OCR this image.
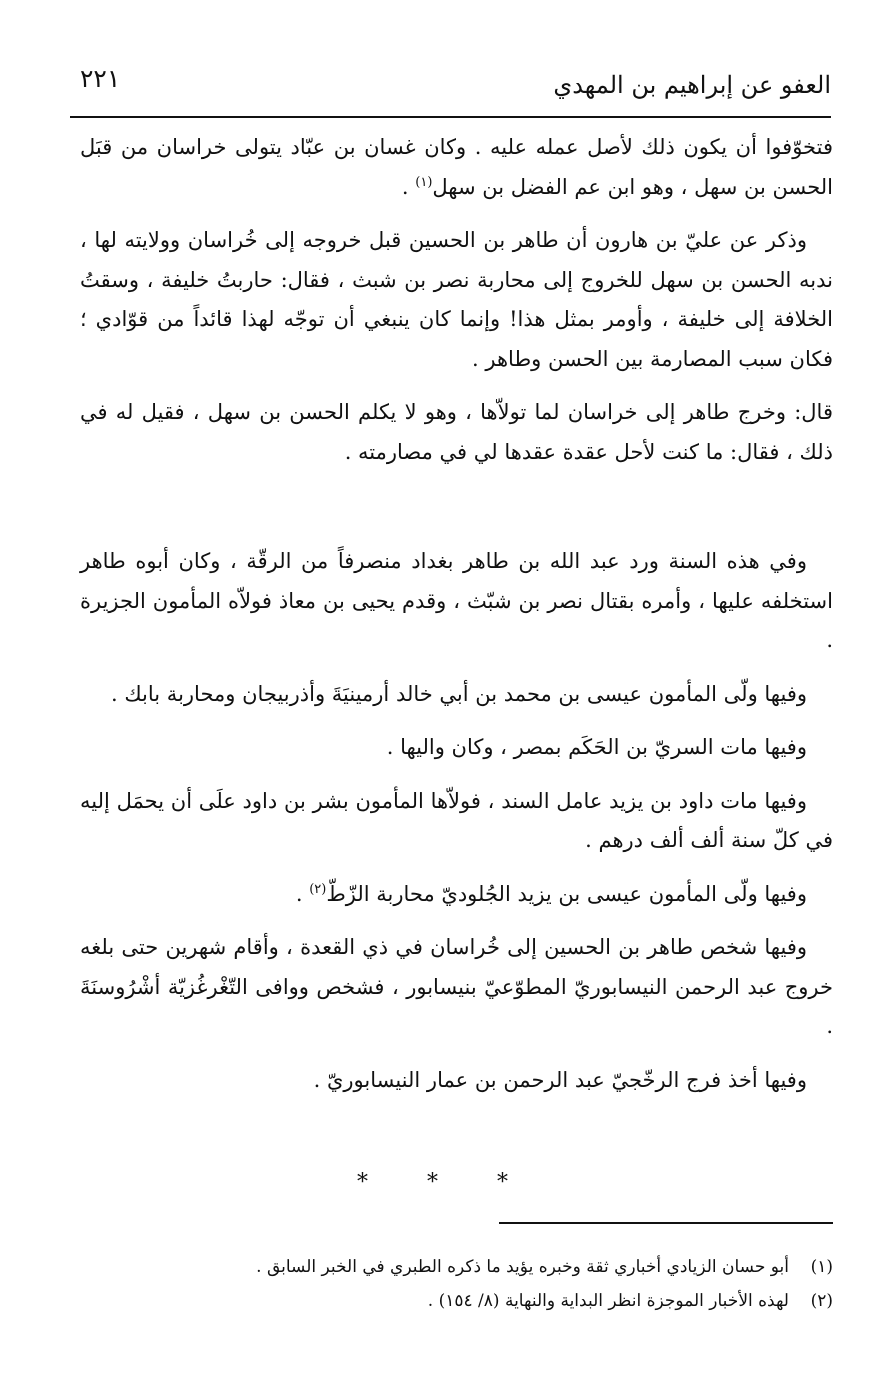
العفو عن إبراهيم بن المهدي
٢٢١

فتخوّفوا أن يكون ذلك لأصل عمله عليه . وكان غسان بن عبّاد يتولى خراسان من قبَل الحسن بن سهل ، وهو ابن عم الفضل بن سهل$^{(١)}$ .

وذكر عن عليّ بن هارون أن طاهر بن الحسين قبل خروجه إلى خُراسان وولايته لها ، ندبه الحسن بن سهل للخروج إلى محاربة نصر بن شبث ، فقال: حاربتُ خليفة ، وسقتُ الخلافة إلى خليفة ، وأومر بمثل هذا! وإنما كان ينبغي أن توجّه لهذا قائداً من قوّادي ؛ فكان سبب المصارمة بين الحسن وطاهر .

قال: وخرج طاهر إلى خراسان لما تولاّها ، وهو لا يكلم الحسن بن سهل ، فقيل له في ذلك ، فقال: ما كنت لأحل عقدة عقدها لي في مصارمته .

وفي هذه السنة ورد عبد الله بن طاهر بغداد منصرفاً من الرقّة ، وكان أبوه طاهر استخلفه عليها ، وأمره بقتال نصر بن شبّث ، وقدم يحيى بن معاذ فولاّه المأمون الجزيرة .

وفيها ولّى المأمون عيسى بن محمد بن أبي خالد أرمينيَةَ وأذربيجان ومحاربة بابك .

وفيها مات السريّ بن الحَكَم بمصر ، وكان واليها .

وفيها مات داود بن يزيد عامل السند ، فولاّها المأمون بشر بن داود علَى أن يحمَل إليه في كلّ سنة ألف ألف درهم .

وفيها ولّى المأمون عيسى بن يزيد الجُلوديّ محاربة الزّطّ$^{(٢)}$ .

وفيها شخص طاهر بن الحسين إلى خُراسان في ذي القعدة ، وأقام شهرين حتى بلغه خروج عبد الرحمن النيسابوريّ المطوّعيّ بنيسابور ، فشخص ووافى التّغْرغُزيّة أشْرُوسنَةَ .

وفيها أخذ فرج الرخّجيّ عبد الرحمن بن عمار النيسابوريّ .

* * *
(١)أبو حسان الزيادي أخباري ثقة وخبره يؤيد ما ذكره الطبري في الخبر السابق .
(٢)لهذه الأخبار الموجزة انظر البداية والنهاية (٨/ ١٥٤) .
